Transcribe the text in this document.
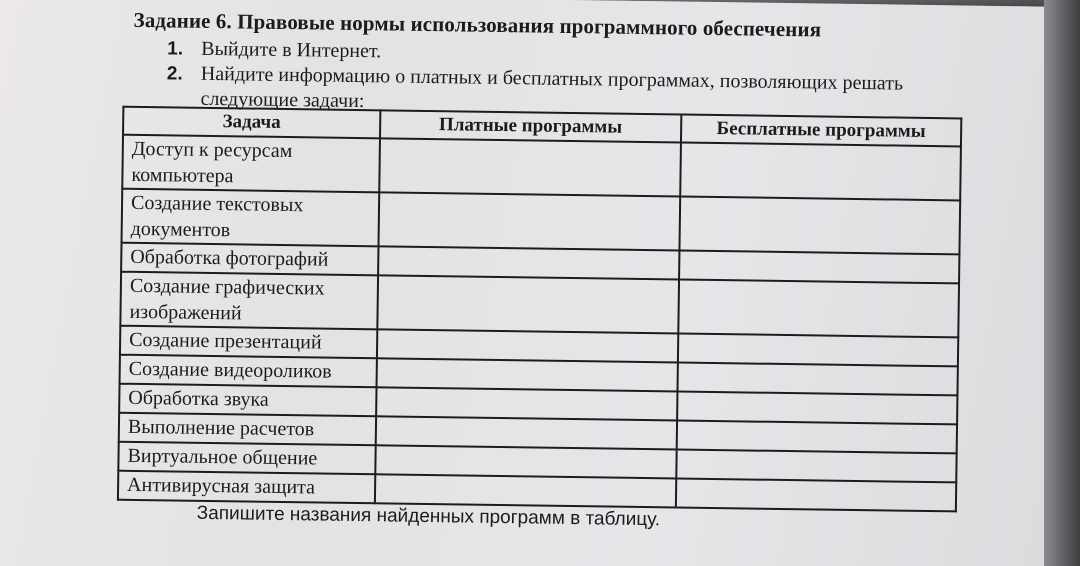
Задание 6. Правовые нормы использования программного обеспечения
1. Выйдите в Интернет.
2. Найдите информацию о платных и бесплатных программах, позволяющих решать
следующие задачи:
Задача	Платные программы	Бесплатные программы
Доступ к ресурсам компьютера		
Создание текстовых документов		
Обработка фотографий		
Создание графических изображений		
Создание презентаций		
Создание видеороликов		
Обработка звука		
Выполнение расчетов		
Виртуальное общение		
Антивирусная защита		
Запишите названия найденных программ в таблицу.
